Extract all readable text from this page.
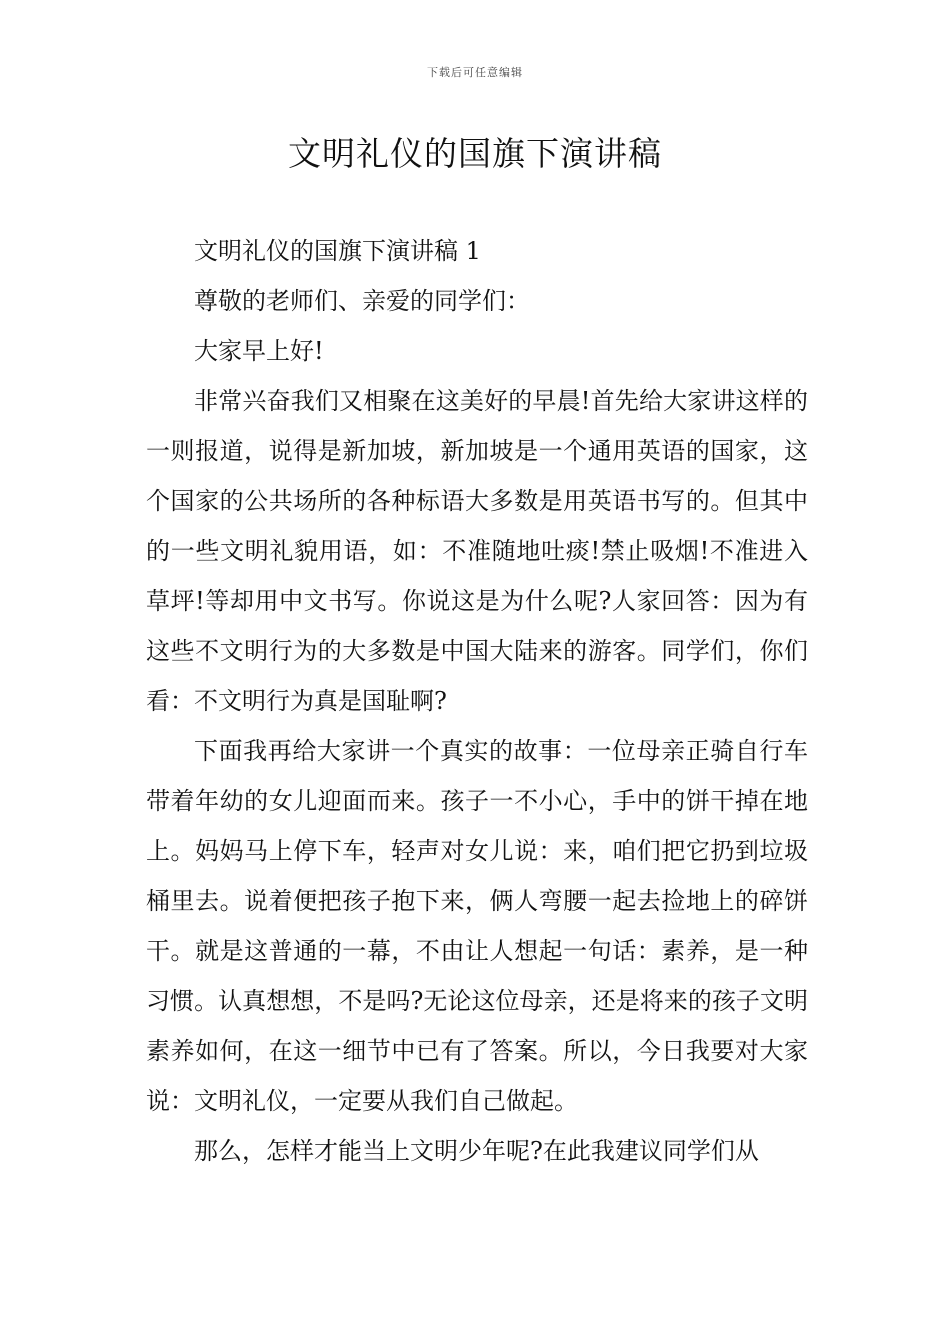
下载后可任意编辑
文明礼仪的国旗下演讲稿

文明礼仪的国旗下演讲稿 1

尊敬的老师们、亲爱的同学们：

大家早上好!

非常兴奋我们又相聚在这美好的早晨!首先给大家讲这样的一则报道，说得是新加坡，新加坡是一个通用英语的国家，这个国家的公共场所的各种标语大多数是用英语书写的。但其中的一些文明礼貌用语，如：不准随地吐痰!禁止吸烟!不准进入草坪!等却用中文书写。你说这是为什么呢?人家回答：因为有这些不文明行为的大多数是中国大陆来的游客。同学们，你们看：不文明行为真是国耻啊?

下面我再给大家讲一个真实的故事：一位母亲正骑自行车带着年幼的女儿迎面而来。孩子一不小心，手中的饼干掉在地上。妈妈马上停下车，轻声对女儿说：来，咱们把它扔到垃圾桶里去。说着便把孩子抱下来，俩人弯腰一起去捡地上的碎饼干。就是这普通的一幕，不由让人想起一句话：素养，是一种习惯。认真想想，不是吗?无论这位母亲，还是将来的孩子文明素养如何，在这一细节中已有了答案。所以，今日我要对大家说：文明礼仪，一定要从我们自己做起。

那么，怎样才能当上文明少年呢?在此我建议同学们从
